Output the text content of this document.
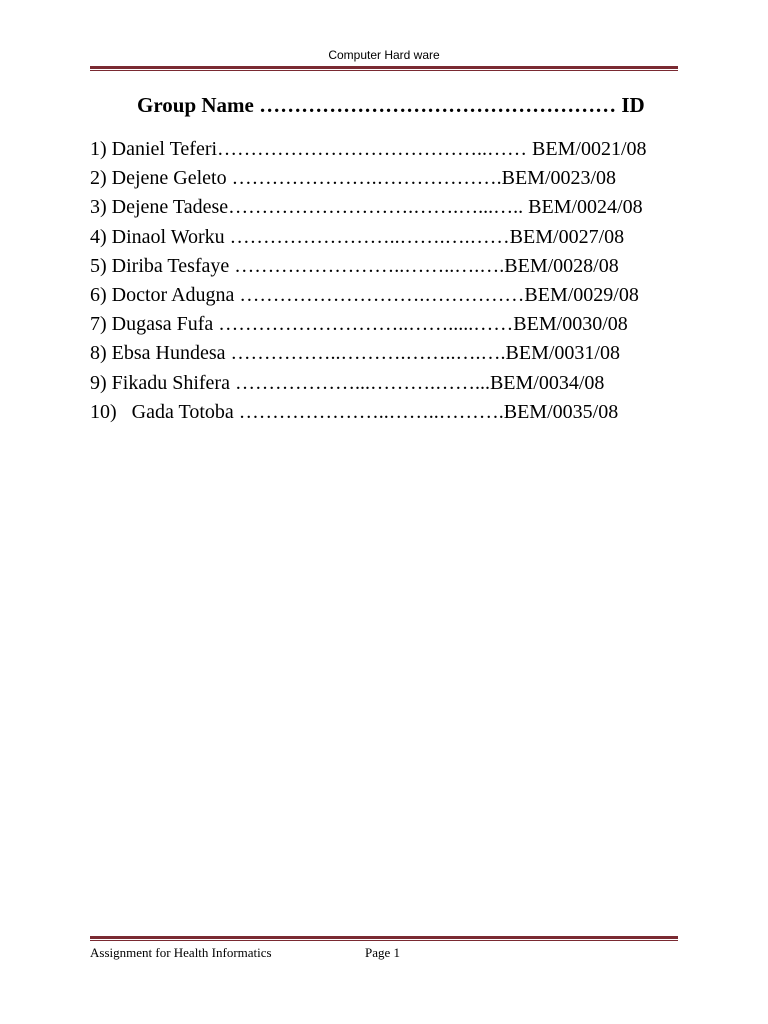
Computer Hard ware
Group Name …………………………………………… ID
1) Daniel Teferi…………………………………..…… BEM/0021/08
2) Dejene Geleto ………………….……………….BEM/0023/08
3) Dejene Tadese……………………….…….…...….. BEM/0024/08
4) Dinaol Worku ……………………..…….….……BEM/0027/08
5) Diriba Tesfaye ……………………..……..….….BEM/0028/08
6) Doctor Adugna ……………………….……………BEM/0029/08
7) Dugasa Fufa ………………………..…….....……BEM/0030/08
8) Ebsa Hundesa ……………..……….……..….….BEM/0031/08
9) Fikadu Shifera ………………...……….……...BEM/0034/08
10)   Gada Totoba …………………..……..……….BEM/0035/08
Assignment for Health Informatics	Page 1
